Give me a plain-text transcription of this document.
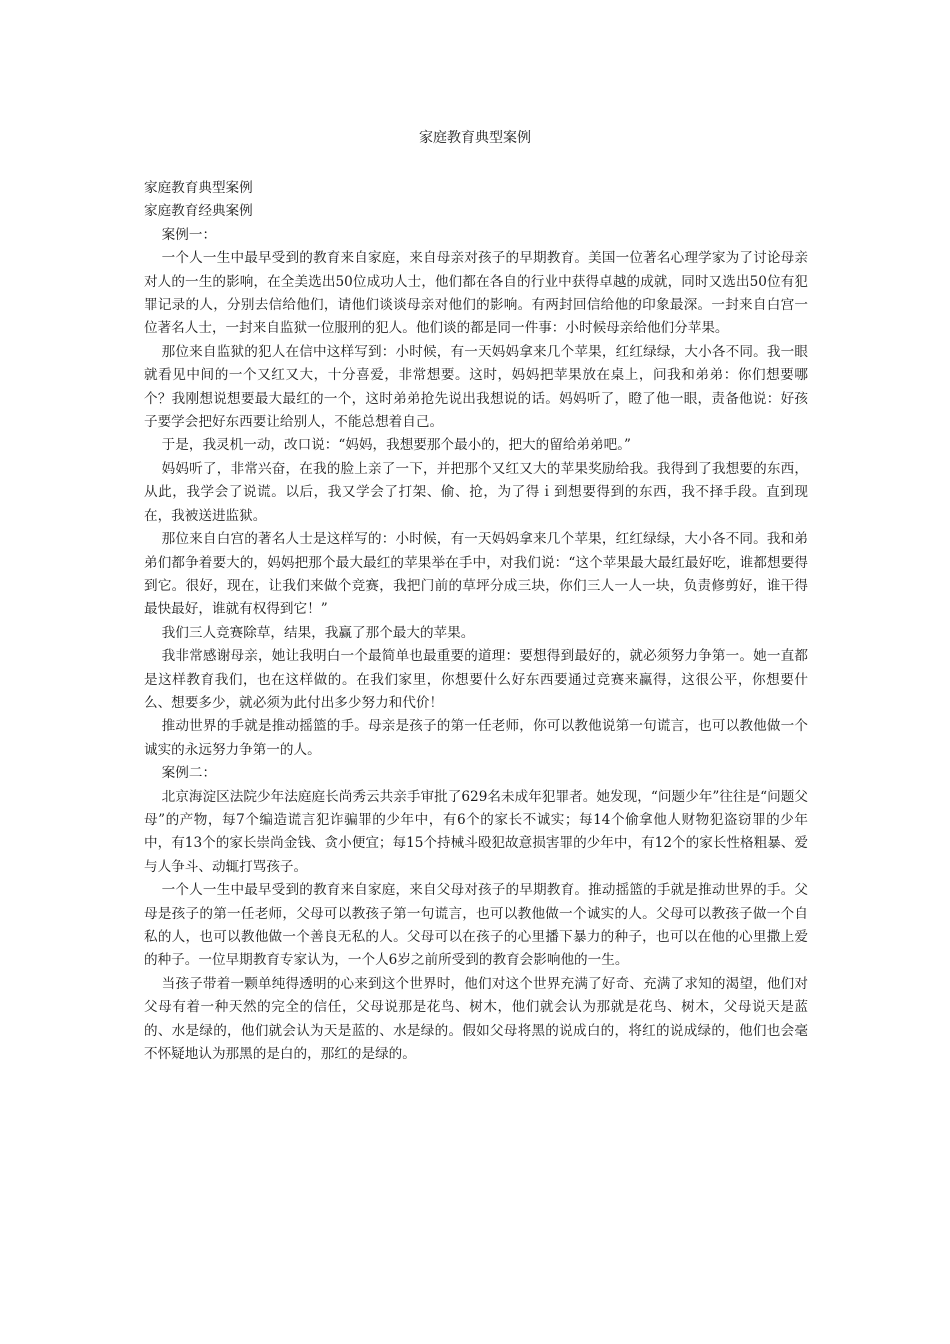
家庭教育典型案例

家庭教育典型案例

家庭教育经典案例

案例一：

一个人一生中最早受到的教育来自家庭，来自母亲对孩子的早期教育。美国一位著名心理学家为了讨论母亲对人的一生的影响，在全美选出50位成功人士，他们都在各自的行业中获得卓越的成就，同时又选出50位有犯罪记录的人，分别去信给他们，请他们谈谈母亲对他们的影响。有两封回信给他的印象最深。一封来自白宫一位著名人士，一封来自监狱一位服刑的犯人。他们谈的都是同一件事：小时候母亲给他们分苹果。

那位来自监狱的犯人在信中这样写到：小时候，有一天妈妈拿来几个苹果，红红绿绿，大小各不同。我一眼就看见中间的一个又红又大，十分喜爱，非常想要。这时，妈妈把苹果放在桌上，问我和弟弟：你们想要哪个？我刚想说想要最大最红的一个，这时弟弟抢先说出我想说的话。妈妈听了，瞪了他一眼，责备他说：好孩子要学会把好东西要让给别人，不能总想着自己。

于是，我灵机一动，改口说：“妈妈，我想要那个最小的，把大的留给弟弟吧。”

妈妈听了，非常兴奋，在我的脸上亲了一下，并把那个又红又大的苹果奖励给我。我得到了我想要的东西，从此，我学会了说谎。以后，我又学会了打架、偷、抢，为了得ｉ到想要得到的东西，我不择手段。直到现在，我被送进监狱。

那位来自白宫的著名人士是这样写的：小时候，有一天妈妈拿来几个苹果，红红绿绿，大小各不同。我和弟弟们都争着要大的，妈妈把那个最大最红的苹果举在手中，对我们说：“这个苹果最大最红最好吃，谁都想要得到它。很好，现在，让我们来做个竞赛，我把门前的草坪分成三块，你们三人一人一块，负责修剪好，谁干得最快最好，谁就有权得到它！”

我们三人竞赛除草，结果，我赢了那个最大的苹果。

我非常感谢母亲，她让我明白一个最简单也最重要的道理：要想得到最好的，就必须努力争第一。她一直都是这样教育我们，也在这样做的。在我们家里，你想要什么好东西要通过竞赛来赢得，这很公平，你想要什么、想要多少，就必须为此付出多少努力和代价！

推动世界的手就是推动摇篮的手。母亲是孩子的第一任老师，你可以教他说第一句谎言，也可以教他做一个诚实的永远努力争第一的人。

案例二：

北京海淀区法院少年法庭庭长尚秀云共亲手审批了629名未成年犯罪者。她发现，“问题少年”往往是“问题父母”的产物，每7个编造谎言犯诈骗罪的少年中，有6个的家长不诚实；每14个偷拿他人财物犯盗窃罪的少年中，有13个的家长崇尚金钱、贪小便宜；每15个持械斗殴犯故意损害罪的少年中，有12个的家长性格粗暴、爱与人争斗、动辄打骂孩子。

一个人一生中最早受到的教育来自家庭，来自父母对孩子的早期教育。推动摇篮的手就是推动世界的手。父母是孩子的第一任老师，父母可以教孩子第一句谎言，也可以教他做一个诚实的人。父母可以教孩子做一个自私的人，也可以教他做一个善良无私的人。父母可以在孩子的心里播下暴力的种子，也可以在他的心里撒上爱的种子。一位早期教育专家认为，一个人6岁之前所受到的教育会影响他的一生。

当孩子带着一颗单纯得透明的心来到这个世界时，他们对这个世界充满了好奇、充满了求知的渴望，他们对父母有着一种天然的完全的信任，父母说那是花鸟、树木，他们就会认为那就是花鸟、树木，父母说天是蓝的、水是绿的，他们就会认为天是蓝的、水是绿的。假如父母将黑的说成白的，将红的说成绿的，他们也会毫不怀疑地认为那黑的是白的，那红的是绿的。
